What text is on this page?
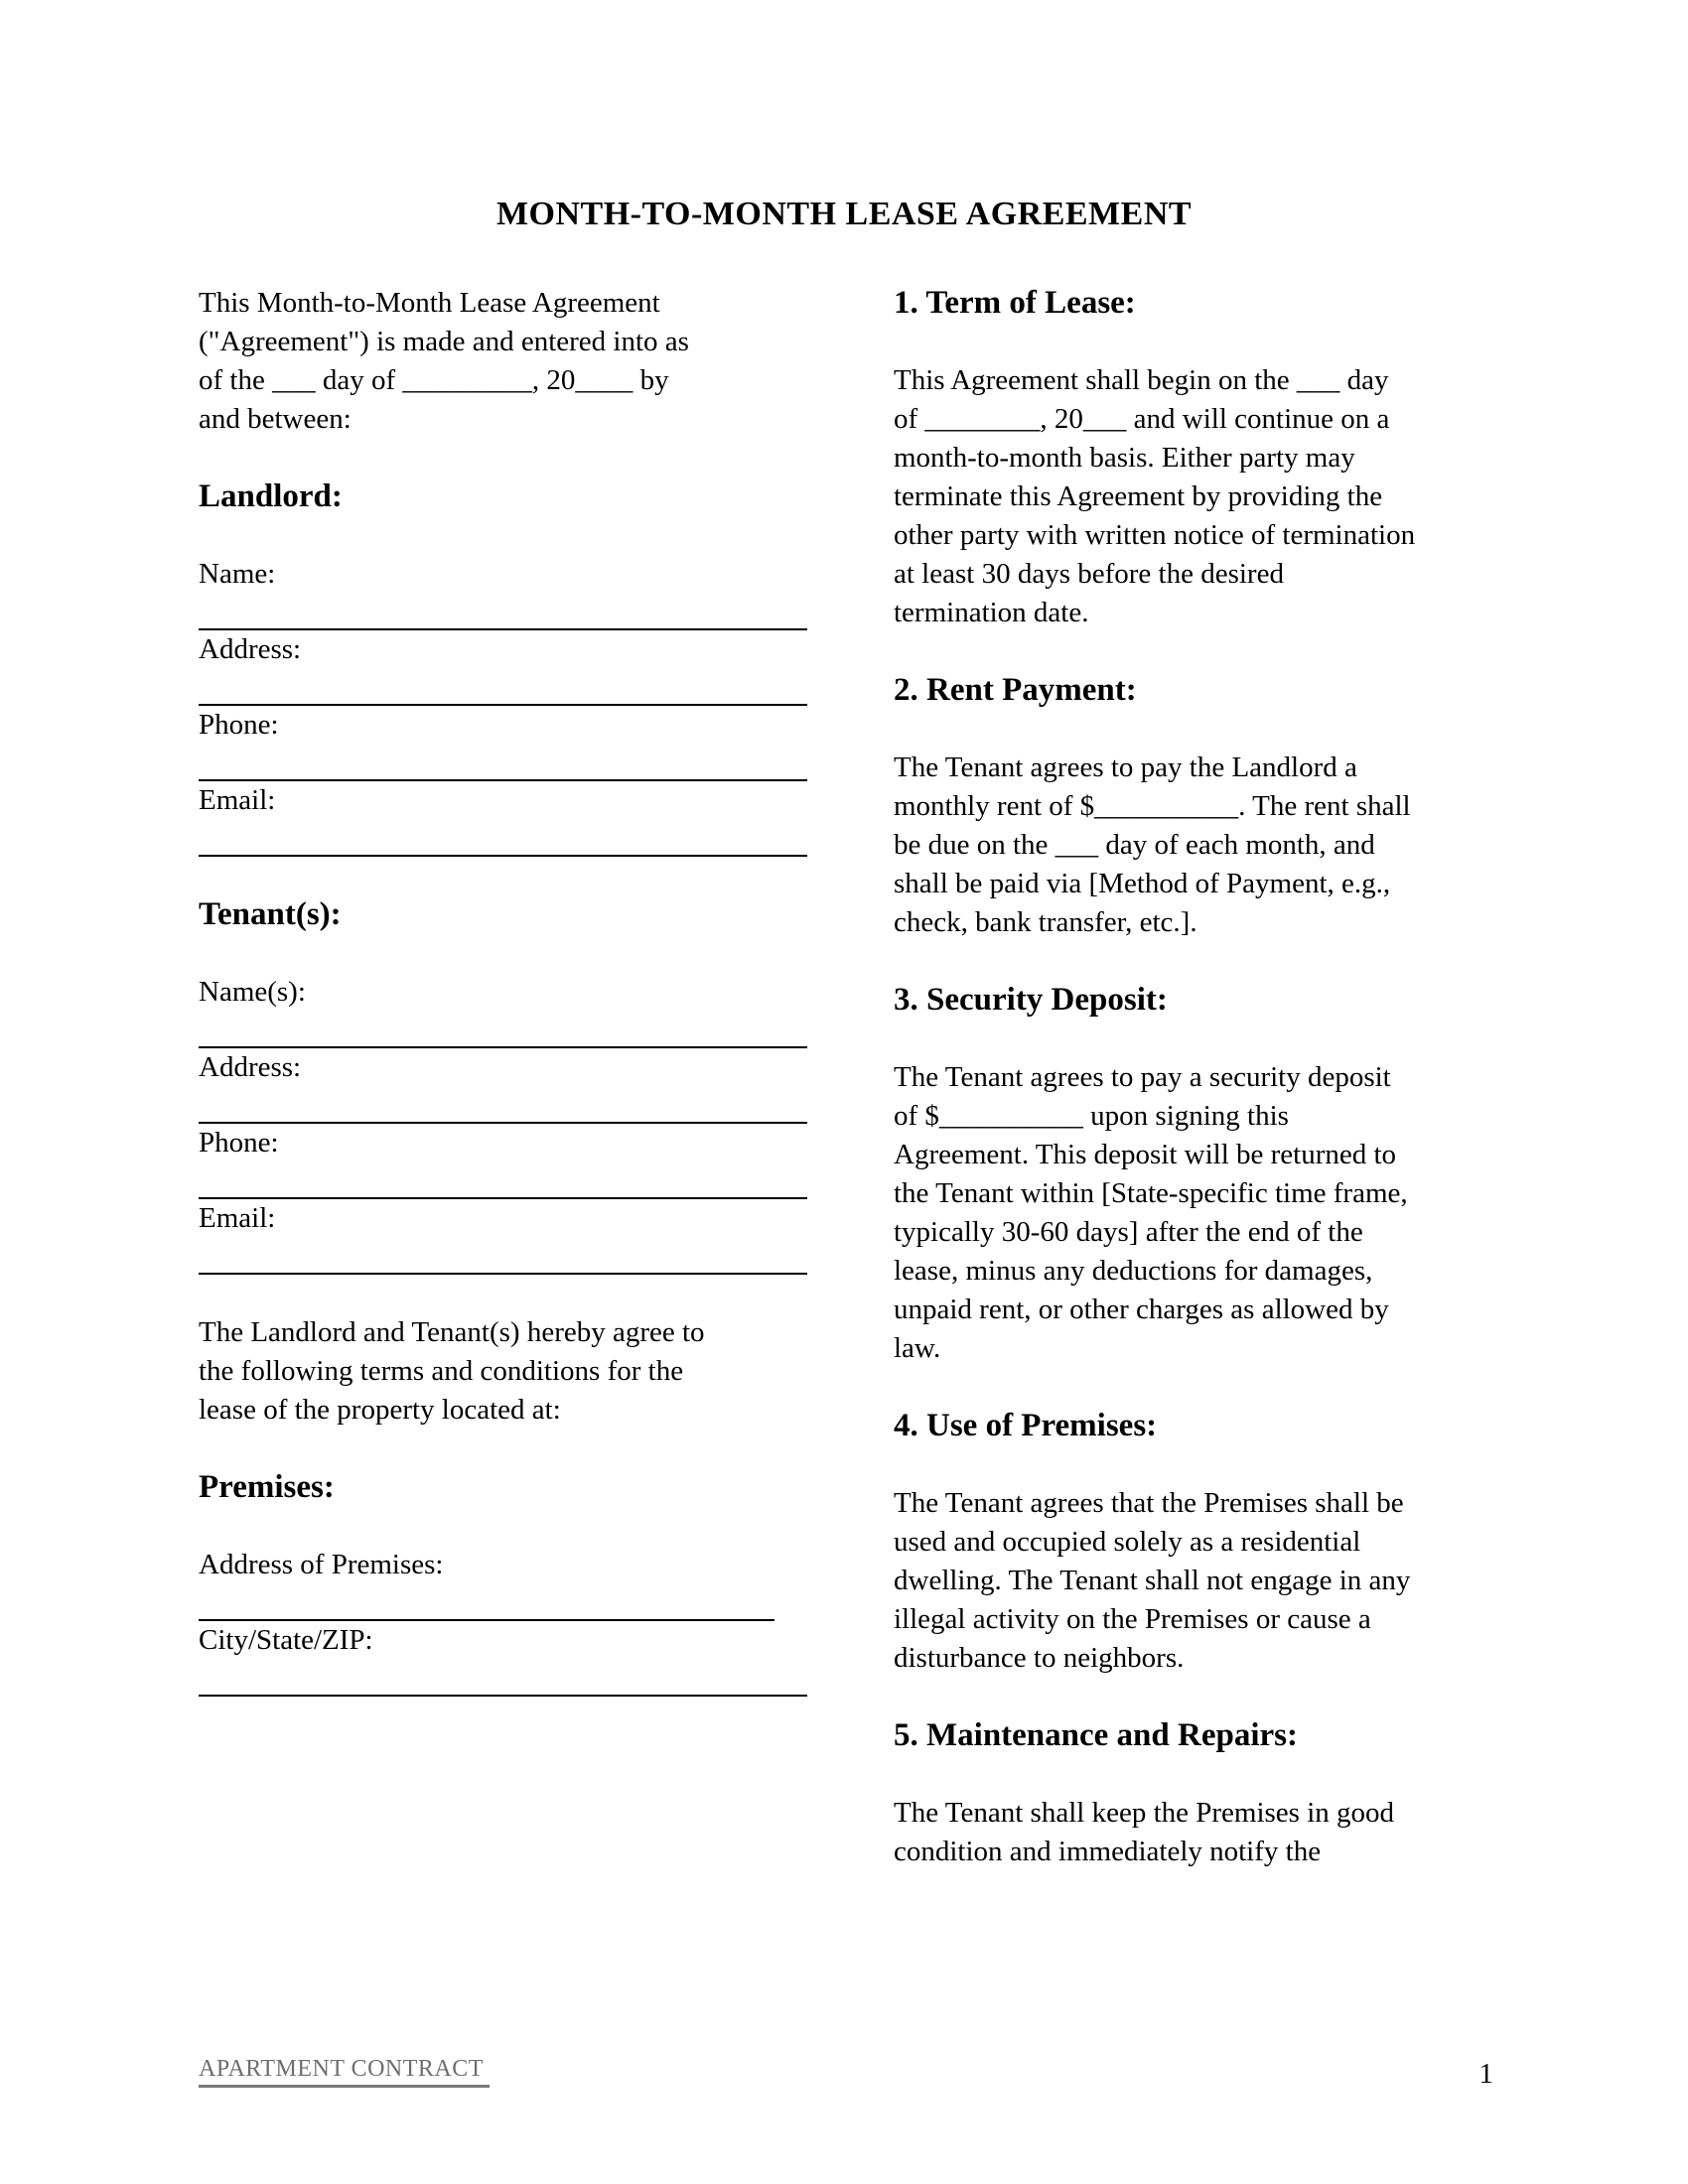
MONTH-TO-MONTH LEASE AGREEMENT
This Month-to-Month Lease Agreement
("Agreement") is made and entered into as
of the ___ day of _________, 20____ by
and between:
Landlord:
Name:
Address:
Phone:
Email:
Tenant(s):
Name(s):
Address:
Phone:
Email:
The Landlord and Tenant(s) hereby agree to
the following terms and conditions for the
lease of the property located at:
Premises:
Address of Premises:
City/State/ZIP:
1. Term of Lease:
This Agreement shall begin on the ___ day
of ________, 20___ and will continue on a
month-to-month basis. Either party may
terminate this Agreement by providing the
other party with written notice of termination
at least 30 days before the desired
termination date.
2. Rent Payment:
The Tenant agrees to pay the Landlord a
monthly rent of $__________. The rent shall
be due on the ___ day of each month, and
shall be paid via [Method of Payment, e.g.,
check, bank transfer, etc.].
3. Security Deposit:
The Tenant agrees to pay a security deposit
of $__________ upon signing this
Agreement. This deposit will be returned to
the Tenant within [State-specific time frame,
typically 30-60 days] after the end of the
lease, minus any deductions for damages,
unpaid rent, or other charges as allowed by
law.
4. Use of Premises:
The Tenant agrees that the Premises shall be
used and occupied solely as a residential
dwelling. The Tenant shall not engage in any
illegal activity on the Premises or cause a
disturbance to neighbors.
5. Maintenance and Repairs:
The Tenant shall keep the Premises in good
condition and immediately notify the
APARTMENT CONTRACT	1
